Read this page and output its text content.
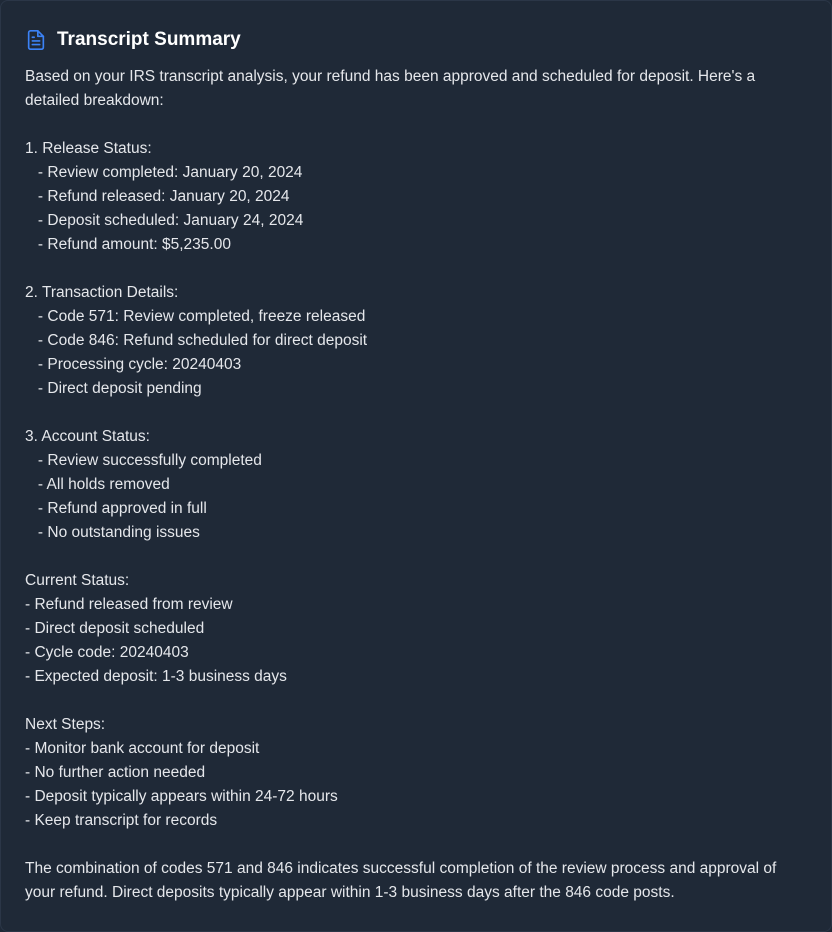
Transcript Summary
Based on your IRS transcript analysis, your refund has been approved and scheduled for deposit. Here's a detailed breakdown:
1. Release Status:
- Review completed: January 20, 2024
- Refund released: January 20, 2024
- Deposit scheduled: January 24, 2024
- Refund amount: $5,235.00
2. Transaction Details:
- Code 571: Review completed, freeze released
- Code 846: Refund scheduled for direct deposit
- Processing cycle: 20240403
- Direct deposit pending
3. Account Status:
- Review successfully completed
- All holds removed
- Refund approved in full
- No outstanding issues
Current Status:
- Refund released from review
- Direct deposit scheduled
- Cycle code: 20240403
- Expected deposit: 1-3 business days
Next Steps:
- Monitor bank account for deposit
- No further action needed
- Deposit typically appears within 24-72 hours
- Keep transcript for records
The combination of codes 571 and 846 indicates successful completion of the review process and approval of your refund. Direct deposits typically appear within 1-3 business days after the 846 code posts.
